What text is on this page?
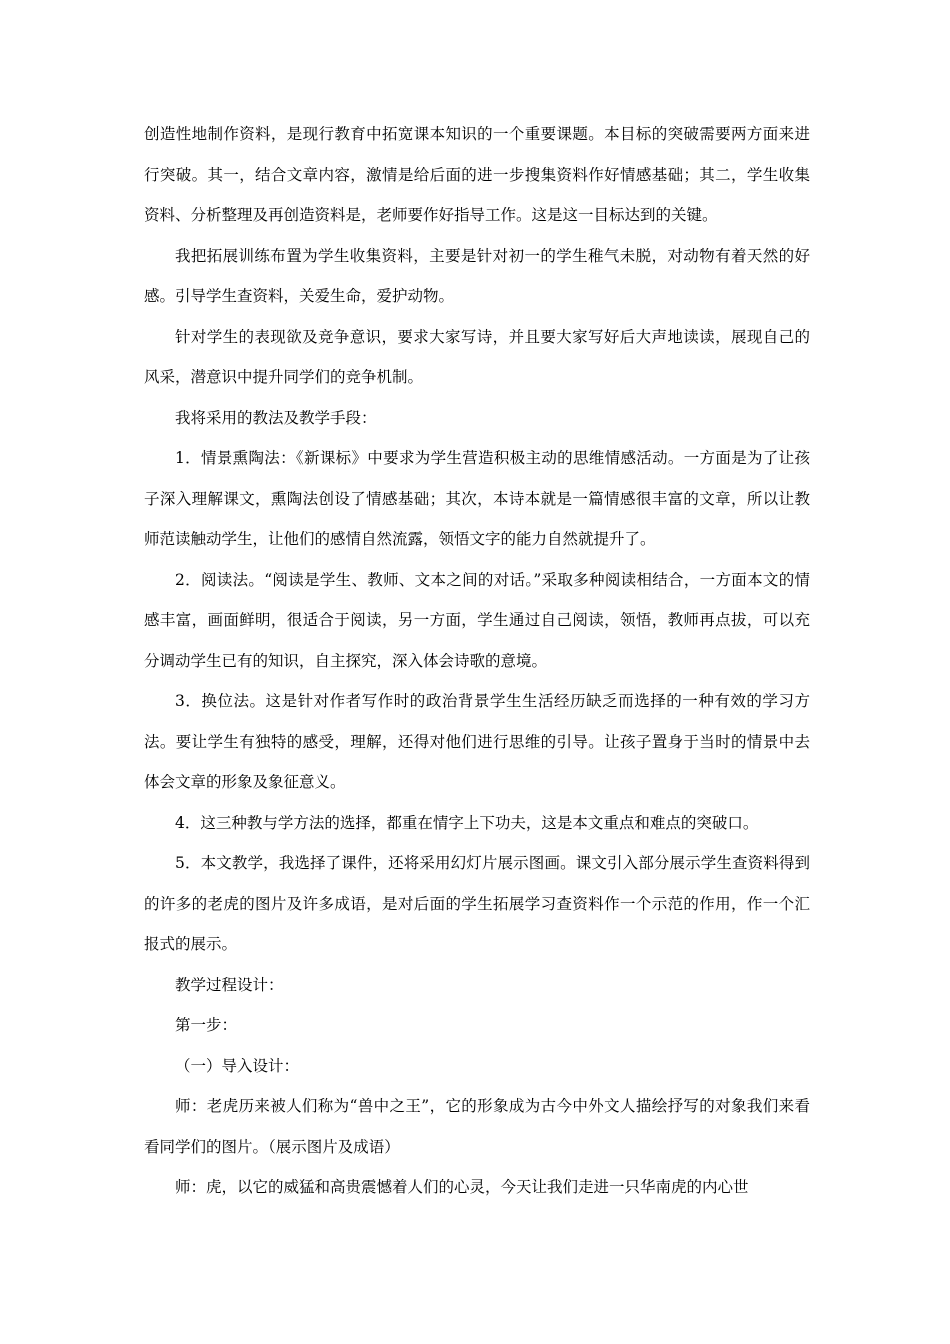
创造性地制作资料，是现行教育中拓宽课本知识的一个重要课题。本目标的突破需要两方面来进行突破。其一，结合文章内容，激情是给后面的进一步搜集资料作好情感基础；其二，学生收集资料、分析整理及再创造资料是，老师要作好指导工作。这是这一目标达到的关键。

我把拓展训练布置为学生收集资料，主要是针对初一的学生稚气未脱，对动物有着天然的好感。引导学生查资料，关爱生命，爱护动物。

针对学生的表现欲及竞争意识，要求大家写诗，并且要大家写好后大声地读读，展现自己的风采，潜意识中提升同学们的竞争机制。

我将采用的教法及教学手段：

1．情景熏陶法：《新课标》中要求为学生营造积极主动的思维情感活动。一方面是为了让孩子深入理解课文，熏陶法创设了情感基础；其次，本诗本就是一篇情感很丰富的文章，所以让教师范读触动学生，让他们的感情自然流露，领悟文字的能力自然就提升了。

2．阅读法。“阅读是学生、教师、文本之间的对话。”采取多种阅读相结合，一方面本文的情感丰富，画面鲜明，很适合于阅读，另一方面，学生通过自己阅读，领悟，教师再点拔，可以充分调动学生已有的知识，自主探究，深入体会诗歌的意境。

3．换位法。这是针对作者写作时的政治背景学生生活经历缺乏而选择的一种有效的学习方法。要让学生有独特的感受，理解，还得对他们进行思维的引导。让孩子置身于当时的情景中去体会文章的形象及象征意义。

4．这三种教与学方法的选择，都重在情字上下功夫，这是本文重点和难点的突破口。

5．本文教学，我选择了课件，还将采用幻灯片展示图画。课文引入部分展示学生查资料得到的许多的老虎的图片及许多成语，是对后面的学生拓展学习查资料作一个示范的作用，作一个汇报式的展示。

教学过程设计：

第一步：

（一）导入设计：

师：老虎历来被人们称为“兽中之王”，它的形象成为古今中外文人描绘抒写的对象我们来看看同学们的图片。（展示图片及成语）

师：虎，以它的威猛和高贵震憾着人们的心灵，今天让我们走进一只华南虎的内心世
